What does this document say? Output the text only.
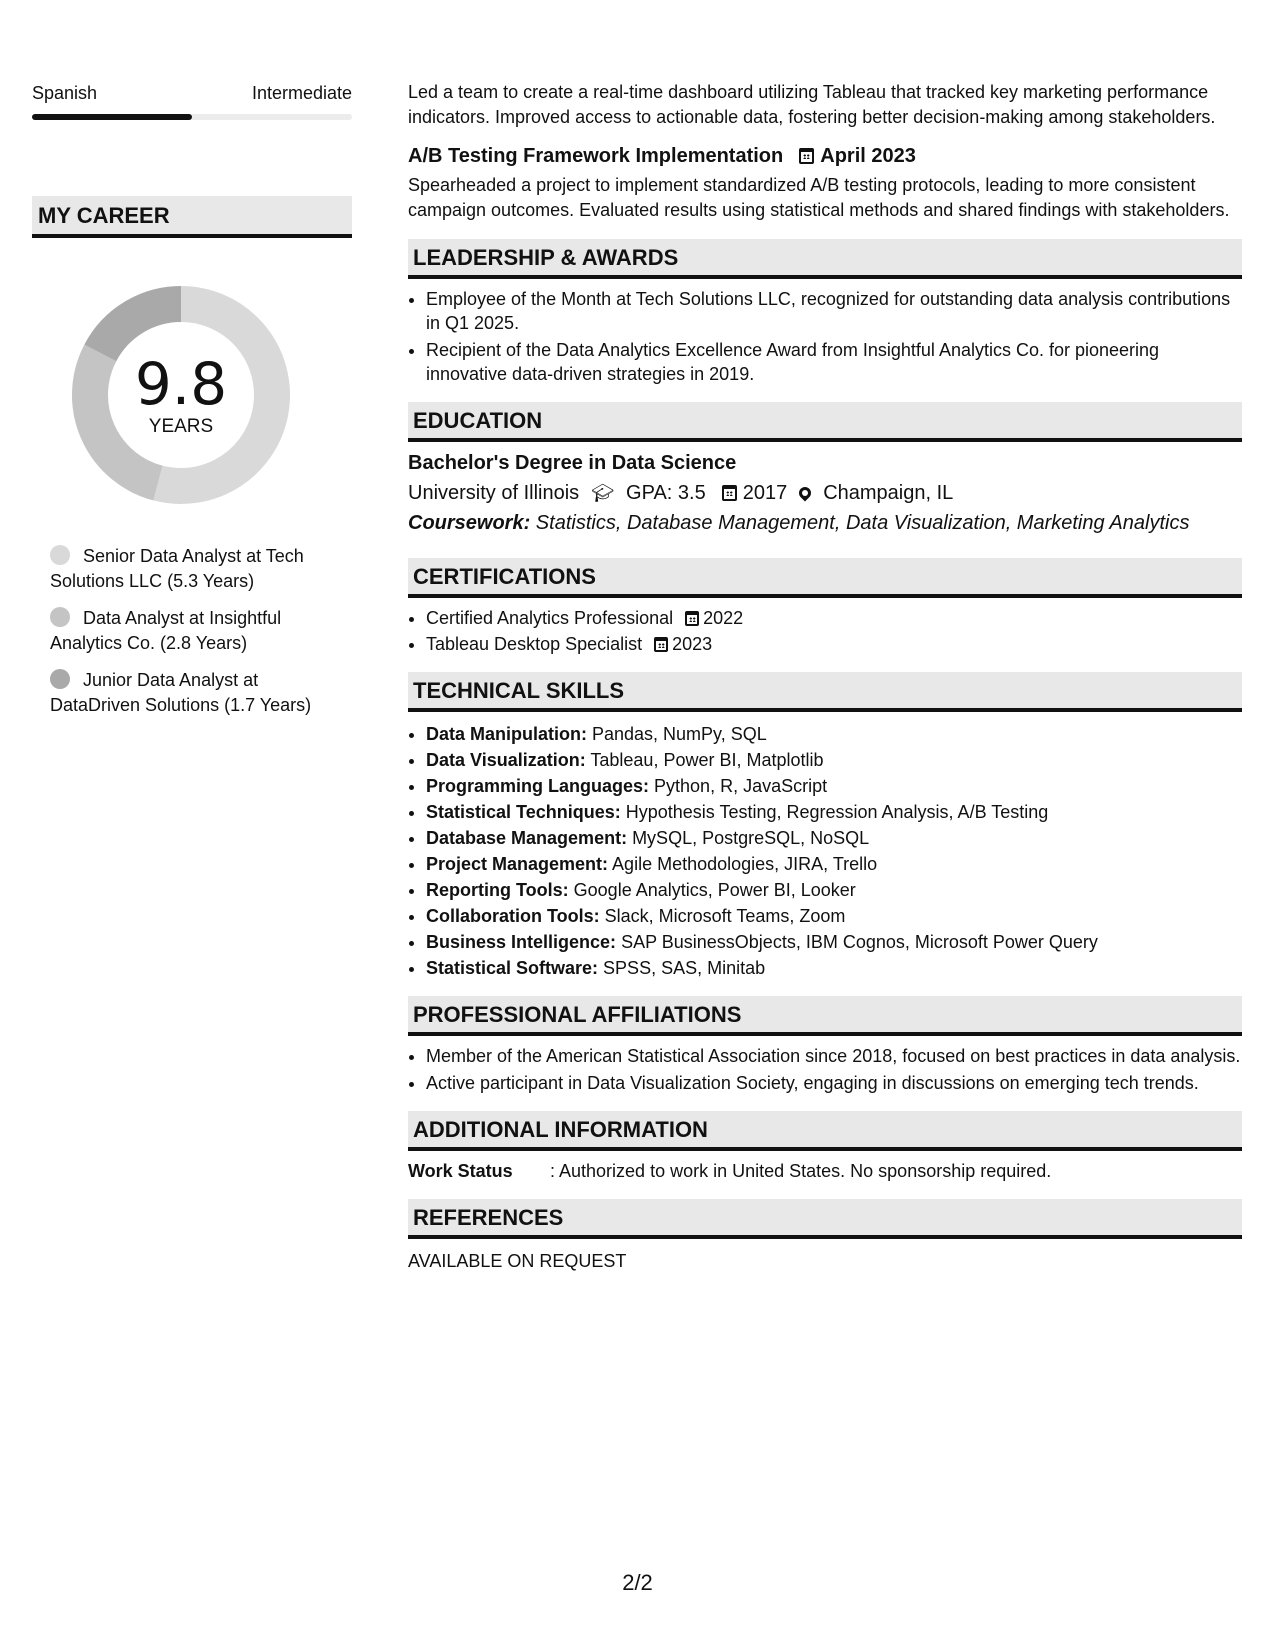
Spanish	Intermediate
MY CAREER
9.8
YEARS
Senior Data Analyst at Tech Solutions LLC (5.3 Years)
Data Analyst at Insightful Analytics Co. (2.8 Years)
Junior Data Analyst at DataDriven Solutions (1.7 Years)

Led a team to create a real-time dashboard utilizing Tableau that tracked key marketing performance indicators. Improved access to actionable data, fostering better decision-making among stakeholders.

A/B Testing Framework Implementation April 2023

Spearheaded a project to implement standardized A/B testing protocols, leading to more consistent campaign outcomes. Evaluated results using statistical methods and shared findings with stakeholders.

LEADERSHIP & AWARDS
• Employee of the Month at Tech Solutions LLC, recognized for outstanding data analysis contributions in Q1 2025.
• Recipient of the Data Analytics Excellence Award from Insightful Analytics Co. for pioneering innovative data-driven strategies in 2019.
EDUCATION
Bachelor's Degree in Data Science
University of Illinois 🎓︎ GPA: 3.5 2017 Champaign, IL
Coursework: Statistics, Database Management, Data Visualization, Marketing Analytics
CERTIFICATIONS
• Certified Analytics Professional 2022
• Tableau Desktop Specialist 2023
TECHNICAL SKILLS
• Data Manipulation: Pandas, NumPy, SQL
• Data Visualization: Tableau, Power BI, Matplotlib
• Programming Languages: Python, R, JavaScript
• Statistical Techniques: Hypothesis Testing, Regression Analysis, A/B Testing
• Database Management: MySQL, PostgreSQL, NoSQL
• Project Management: Agile Methodologies, JIRA, Trello
• Reporting Tools: Google Analytics, Power BI, Looker
• Collaboration Tools: Slack, Microsoft Teams, Zoom
• Business Intelligence: SAP BusinessObjects, IBM Cognos, Microsoft Power Query
• Statistical Software: SPSS, SAS, Minitab
PROFESSIONAL AFFILIATIONS
• Member of the American Statistical Association since 2018, focused on best practices in data analysis.
• Active participant in Data Visualization Society, engaging in discussions on emerging tech trends.
ADDITIONAL INFORMATION
Work Status	: Authorized to work in United States. No sponsorship required.
REFERENCES

AVAILABLE ON REQUEST

2/2
